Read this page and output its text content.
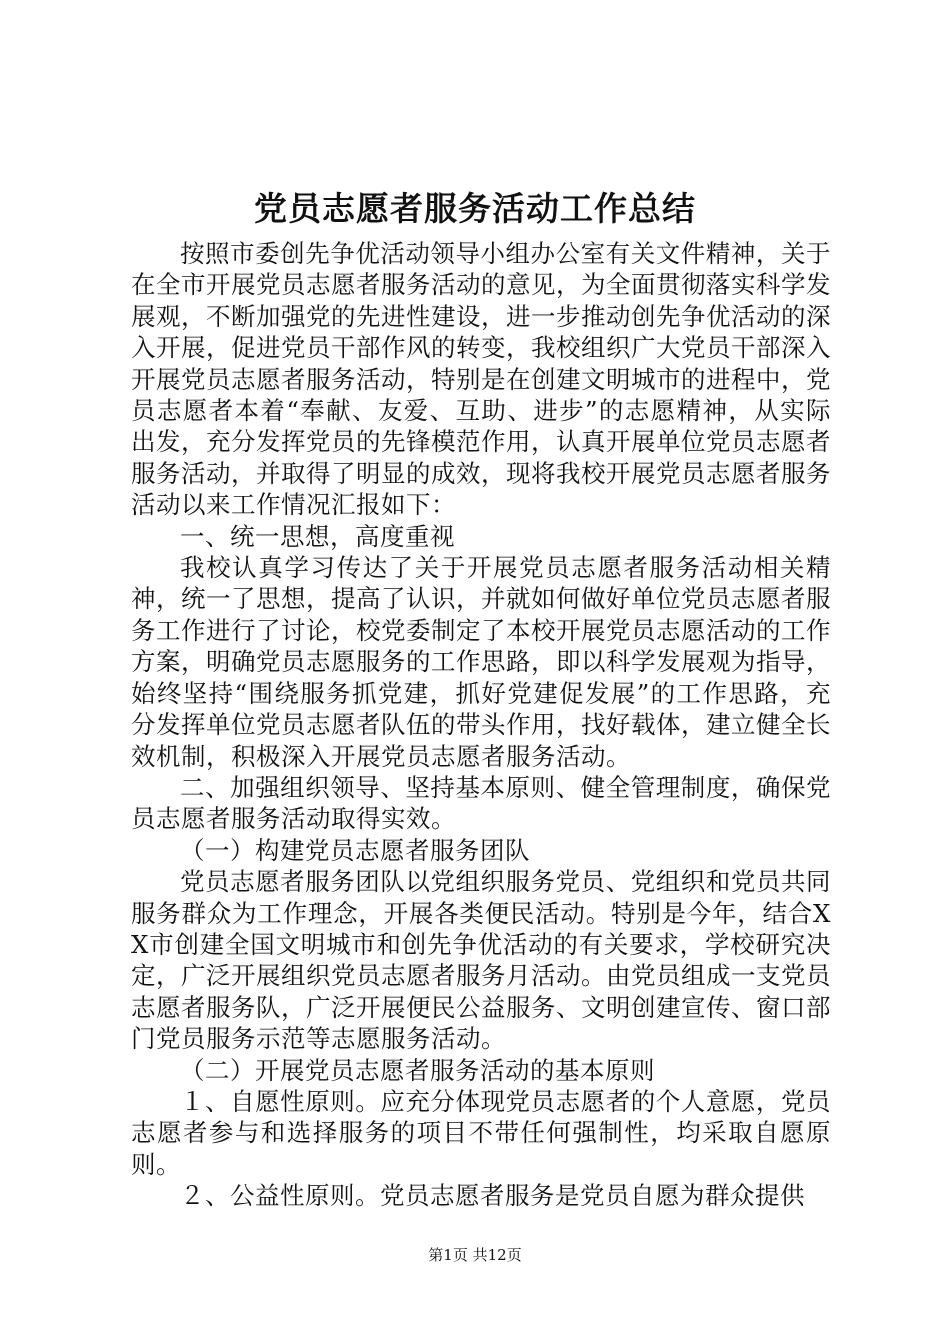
党员志愿者服务活动工作总结

按照市委创先争优活动领导小组办公室有关文件精神，关于在全市开展党员志愿者服务活动的意见，为全面贯彻落实科学发展观，不断加强党的先进性建设，进一步推动创先争优活动的深入开展，促进党员干部作风的转变，我校组织广大党员干部深入开展党员志愿者服务活动，特别是在创建文明城市的进程中，党员志愿者本着“奉献、友爱、互助、进步”的志愿精神，从实际出发，充分发挥党员的先锋模范作用，认真开展单位党员志愿者服务活动，并取得了明显的成效，现将我校开展党员志愿者服务活动以来工作情况汇报如下：

一、统一思想，高度重视

我校认真学习传达了关于开展党员志愿者服务活动相关精神，统一了思想，提高了认识，并就如何做好单位党员志愿者服务工作进行了讨论，校党委制定了本校开展党员志愿活动的工作方案，明确党员志愿服务的工作思路，即以科学发展观为指导，始终坚持“围绕服务抓党建，抓好党建促发展”的工作思路，充分发挥单位党员志愿者队伍的带头作用，找好载体，建立健全长效机制，积极深入开展党员志愿者服务活动。

二、加强组织领导、坚持基本原则、健全管理制度，确保党员志愿者服务活动取得实效。

（一）构建党员志愿者服务团队

党员志愿者服务团队以党组织服务党员、党组织和党员共同服务群众为工作理念，开展各类便民活动。特别是今年，结合XX市创建全国文明城市和创先争优活动的有关要求，学校研究决定，广泛开展组织党员志愿者服务月活动。由党员组成一支党员志愿者服务队，广泛开展便民公益服务、文明创建宣传、窗口部门党员服务示范等志愿服务活动。

（二）开展党员志愿者服务活动的基本原则

１、自愿性原则。应充分体现党员志愿者的个人意愿，党员志愿者参与和选择服务的项目不带任何强制性，均采取自愿原则。

２、公益性原则。党员志愿者服务是党员自愿为群众提供

第1页 共12页
